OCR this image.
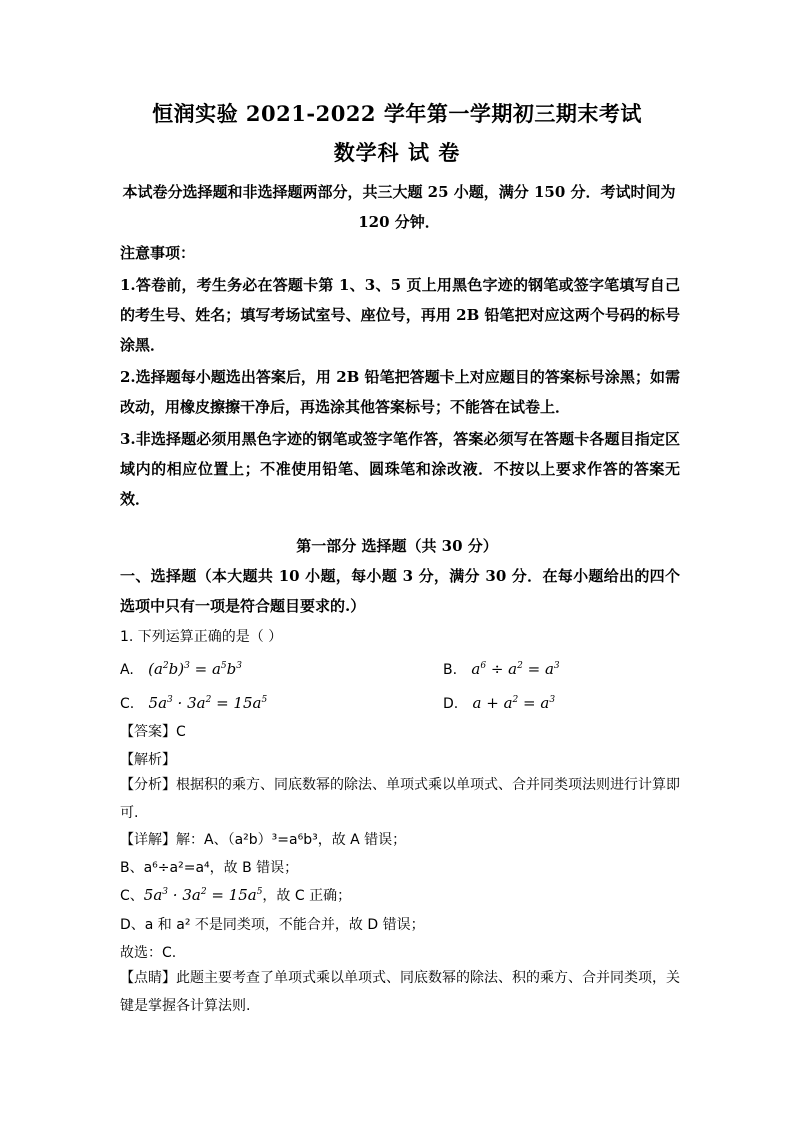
恒润实验 2021-2022 学年第一学期初三期末考试
数学科 试 卷
本试卷分选择题和非选择题两部分，共三大题 25 小题，满分 150 分．考试时间为 120 分钟．
注意事项：
1.答卷前，考生务必在答题卡第 1、3、5 页上用黑色字迹的钢笔或签字笔填写自己的考生号、姓名；填写考场试室号、座位号，再用 2B 铅笔把对应这两个号码的标号涂黑．
2.选择题每小题选出答案后，用 2B 铅笔把答题卡上对应题目的答案标号涂黑；如需改动，用橡皮擦擦干净后，再选涂其他答案标号；不能答在试卷上．
3.非选择题必须用黑色字迹的钢笔或签字笔作答，答案必须写在答题卡各题目指定区域内的相应位置上；不准使用铅笔、圆珠笔和涂改液．不按以上要求作答的答案无效．
第一部分 选择题（共 30 分）
一、选择题（本大题共 10 小题，每小题 3 分，满分 30 分．在每小题给出的四个选项中只有一项是符合题目要求的.）
1. 下列运算正确的是（ ）
A.   $(a^2b)^3 = a^5b^3$	B.   $a^6 \div a^2 = a^3$
C.   $5a^3 \cdot 3a^2 = 15a^5$	D.   $a + a^2 = a^3$
【答案】C
【解析】
【分析】根据积的乘方、同底数幂的除法、单项式乘以单项式、合并同类项法则进行计算即可.
【详解】解：A、（a²b）³=a⁶b³，故 A 错误；
B、a⁶÷a²=a⁴，故 B 错误；
C、$5a^3 \cdot 3a^2 = 15a^5$，故 C 正确；
D、a 和 a² 不是同类项，不能合并，故 D 错误；
故选：C.
【点睛】此题主要考查了单项式乘以单项式、同底数幂的除法、积的乘方、合并同类项，关键是掌握各计算法则.
